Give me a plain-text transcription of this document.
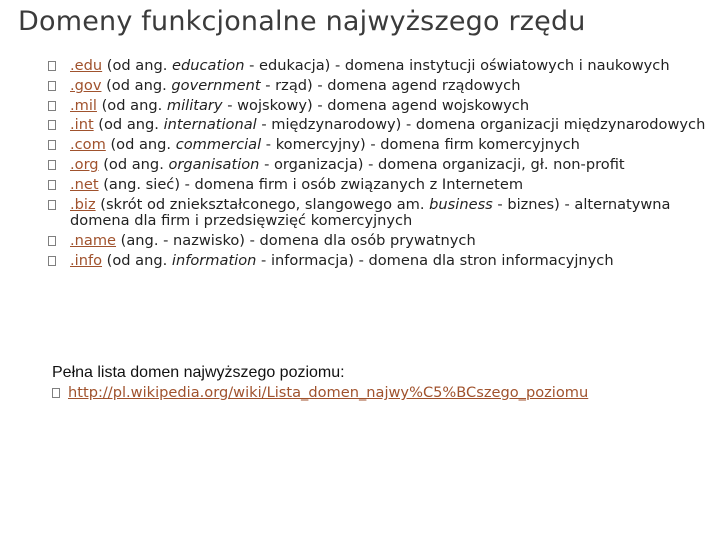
Domeny funkcjonalne najwyższego rzędu
.edu (od ang. education - edukacja) - domena instytucji oświatowych i naukowych
.gov (od ang. government - rząd) - domena agend rządowych
.mil (od ang. military - wojskowy) - domena agend wojskowych
.int (od ang. international - międzynarodowy) - domena organizacji międzynarodowych
.com (od ang. commercial - komercyjny) - domena firm komercyjnych
.org (od ang. organisation - organizacja) - domena organizacji, gł. non-profit
.net (ang. sieć) - domena firm i osób związanych z Internetem
.biz (skrót od zniekształconego, slangowego am. business - biznes) - alternatywna domena dla firm i przedsięwzięć komercyjnych
.name (ang. - nazwisko) - domena dla osób prywatnych
.info (od ang. information - informacja) - domena dla stron informacyjnych
Pełna lista domen najwyższego poziomu:
http://pl.wikipedia.org/wiki/Lista_domen_najwy%C5%BCszego_poziomu
